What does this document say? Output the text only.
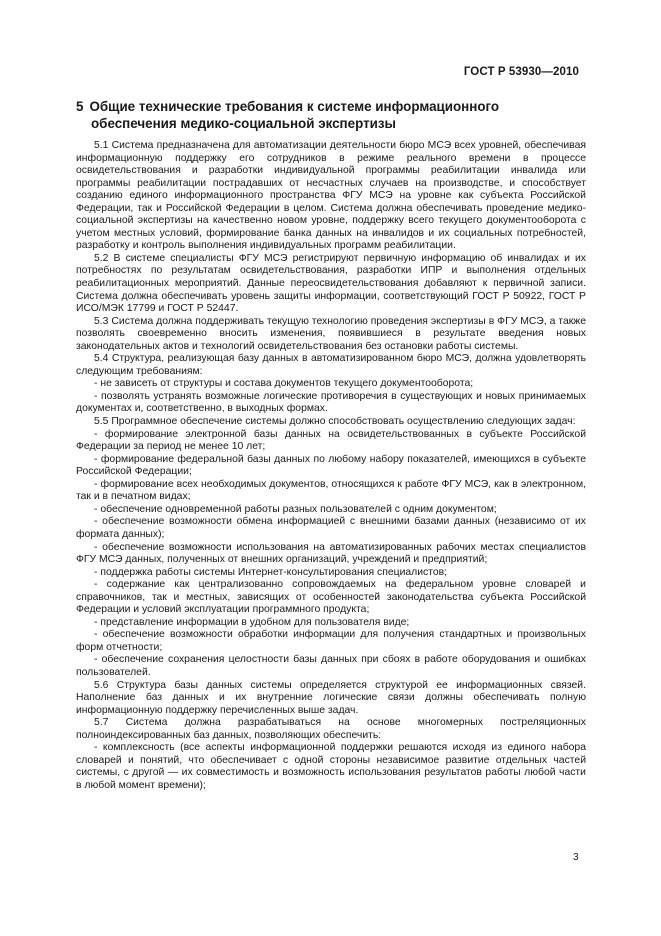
ГОСТ Р 53930—2010
5 Общие технические требования к системе информационного
обеспечения медико-социальной экспертизы

5.1 Система предназначена для автоматизации деятельности бюро МСЭ всех уровней, обеспечивая информационную поддержку его сотрудников в режиме реального времени в процессе освидетельствования и разработки индивидуальной программы реабилитации инвалида или программы реабилитации пострадавших от несчастных случаев на производстве, и способствует созданию единого информационного пространства ФГУ МСЭ на уровне как субъекта Российской Федерации, так и Российской Федерации в целом. Система должна обеспечивать проведение медико-социальной экспертизы на качественно новом уровне, поддержку всего текущего документооборота с учетом местных условий, формирование банка данных на инвалидов и их социальных потребностей, разработку и контроль выполнения индивидуальных программ реабилитации.

5.2 В системе специалисты ФГУ МСЭ регистрируют первичную информацию об инвалидах и их потребностях по результатам освидетельствования, разработки ИПР и выполнения отдельных реабилитационных мероприятий. Данные переосвидетельствования добавляют к первичной записи. Система должна обеспечивать уровень защиты информации, соответствующий ГОСТ Р 50922, ГОСТ Р ИСО/МЭК 17799 и ГОСТ Р 52447.

5.3 Система должна поддерживать текущую технологию проведения экспертизы в ФГУ МСЭ, а также позволять своевременно вносить изменения, появившиеся в результате введения новых законодательных актов и технологий освидетельствования без остановки работы системы.

5.4 Структура, реализующая базу данных в автоматизированном бюро МСЭ, должна удовлетворять следующим требованиям:

- не зависеть от структуры и состава документов текущего документооборота;

- позволять устранять возможные логические противоречия в существующих и новых принимаемых документах и, соответственно, в выходных формах.

5.5 Программное обеспечение системы должно способствовать осуществлению следующих задач:

- формирование электронной базы данных на освидетельствованных в субъекте Российской Федерации за период не менее 10 лет;

- формирование федеральной базы данных по любому набору показателей, имеющихся в субъекте Российской Федерации;

- формирование всех необходимых документов, относящихся к работе ФГУ МСЭ, как в электронном, так и в печатном видах;

- обеспечение одновременной работы разных пользователей с одним документом;

- обеспечение возможности обмена информацией с внешними базами данных (независимо от их формата данных);

- обеспечение возможности использования на автоматизированных рабочих местах специалистов ФГУ МСЭ данных, полученных от внешних организаций, учреждений и предприятий;

- поддержка работы системы Интернет-консультирования специалистов;

- содержание как централизованно сопровождаемых на федеральном уровне словарей и справочников, так и местных, зависящих от особенностей законодательства субъекта Российской Федерации и условий эксплуатации программного продукта;

- представление информации в удобном для пользователя виде;

- обеспечение возможности обработки информации для получения стандартных и произвольных форм отчетности;

- обеспечение сохранения целостности базы данных при сбоях в работе оборудования и ошибках пользователей.

5.6 Структура базы данных системы определяется структурой ее информационных связей. Наполнение баз данных и их внутренние логические связи должны обеспечивать полную информационную поддержку перечисленных выше задач.

5.7 Система должна разрабатываться на основе многомерных постреляционных полноиндексированных баз данных, позволяющих обеспечить:

- комплексность (все аспекты информационной поддержки решаются исходя из единого набора словарей и понятий, что обеспечивает с одной стороны независимое развитие отдельных частей системы, с другой — их совместимость и возможность использования результатов работы любой части в любой момент времени);

3
